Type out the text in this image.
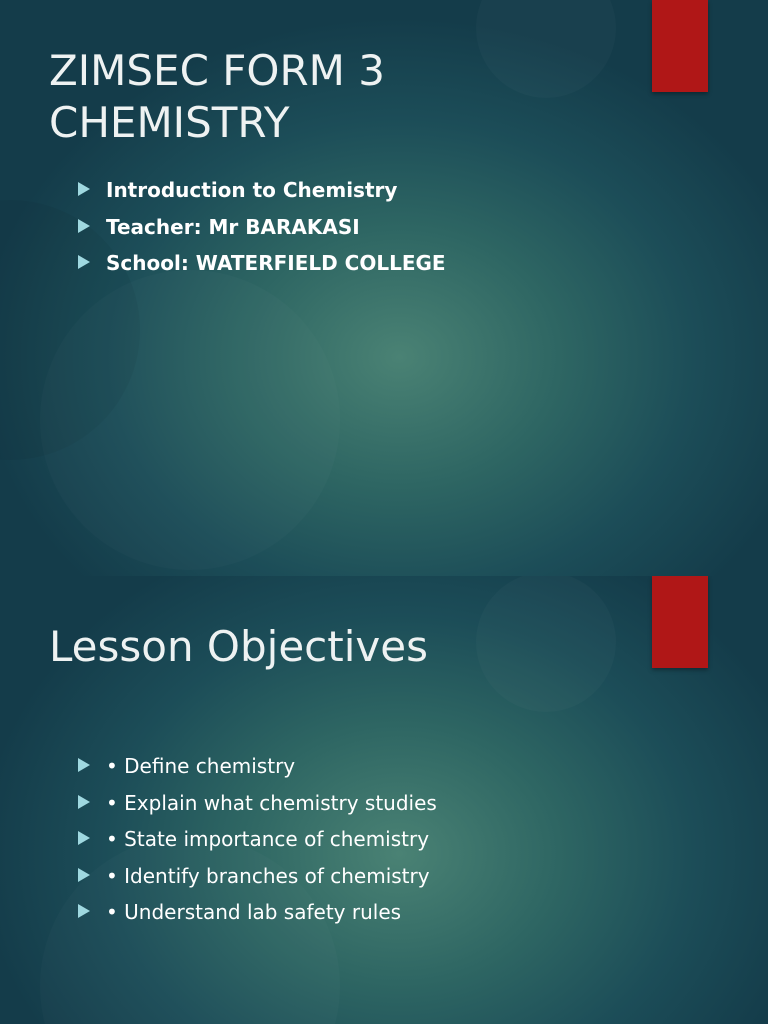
ZIMSEC FORM 3
CHEMISTRY
Introduction to Chemistry
Teacher: Mr BARAKASI
School: WATERFIELD COLLEGE
Lesson Objectives
• Define chemistry
• Explain what chemistry studies
• State importance of chemistry
• Identify branches of chemistry
• Understand lab safety rules
